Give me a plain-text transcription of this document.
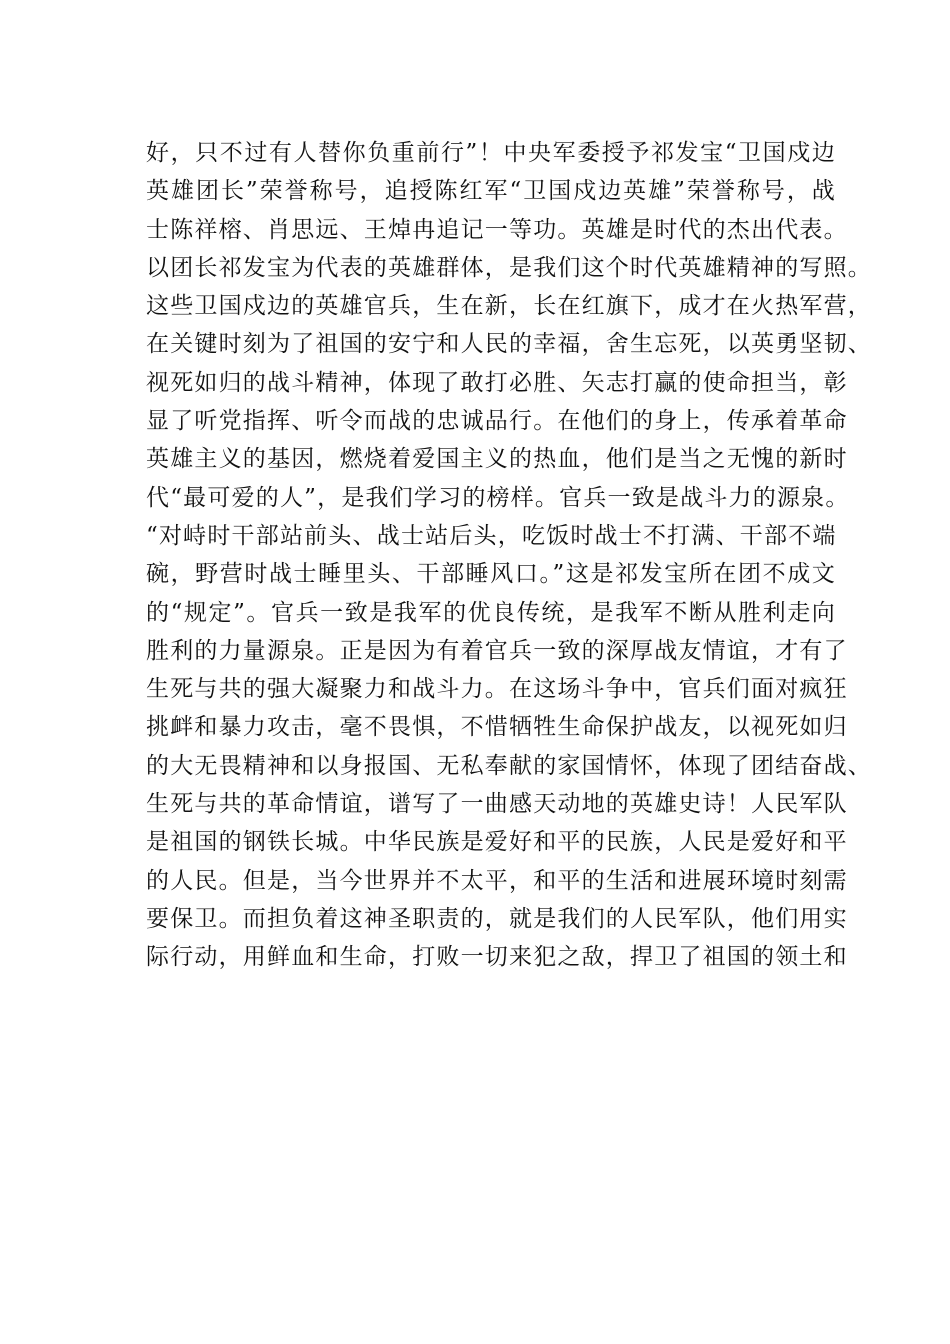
好，只不过有人替你负重前行”！中央军委授予祁发宝“卫国戍边
英雄团长”荣誉称号，追授陈红军“卫国戍边英雄”荣誉称号，战
士陈祥榕、肖思远、王焯冉追记一等功。英雄是时代的杰出代表。
以团长祁发宝为代表的英雄群体，是我们这个时代英雄精神的写照。
这些卫国戍边的英雄官兵，生在新，长在红旗下，成才在火热军营，
在关键时刻为了祖国的安宁和人民的幸福，舍生忘死，以英勇坚韧、
视死如归的战斗精神，体现了敢打必胜、矢志打赢的使命担当，彰
显了听党指挥、听令而战的忠诚品行。在他们的身上，传承着革命
英雄主义的基因，燃烧着爱国主义的热血，他们是当之无愧的新时
代“最可爱的人”，是我们学习的榜样。官兵一致是战斗力的源泉。
“对峙时干部站前头、战士站后头，吃饭时战士不打满、干部不端
碗，野营时战士睡里头、干部睡风口。”这是祁发宝所在团不成文
的“规定”。官兵一致是我军的优良传统，是我军不断从胜利走向
胜利的力量源泉。正是因为有着官兵一致的深厚战友情谊，才有了
生死与共的强大凝聚力和战斗力。在这场斗争中，官兵们面对疯狂
挑衅和暴力攻击，毫不畏惧，不惜牺牲生命保护战友，以视死如归
的大无畏精神和以身报国、无私奉献的家国情怀，体现了团结奋战、
生死与共的革命情谊，谱写了一曲感天动地的英雄史诗！人民军队
是祖国的钢铁长城。中华民族是爱好和平的民族，人民是爱好和平
的人民。但是，当今世界并不太平，和平的生活和进展环境时刻需
要保卫。而担负着这神圣职责的，就是我们的人民军队，他们用实
际行动，用鲜血和生命，打败一切来犯之敌，捍卫了祖国的领土和
